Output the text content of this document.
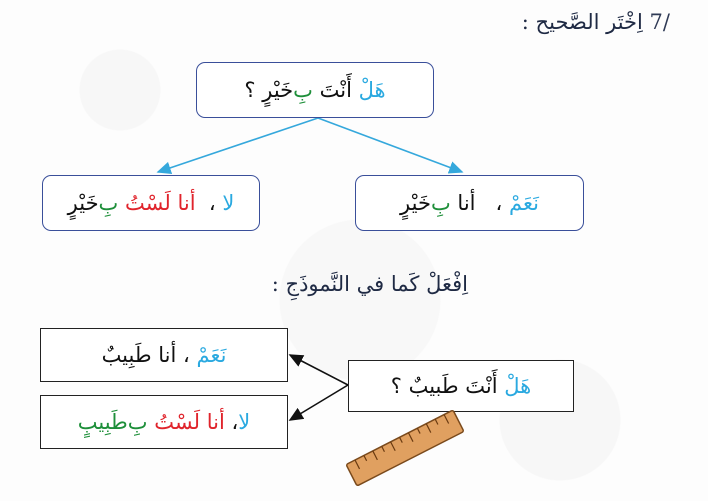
/7 اِخْتَر الصَّحيح :
هَلْ

أَنْتَ

بِ
خَيْرٍ

؟
لا

،

أنا

لَسْتُ

بِ
خَيْرٍ	نَعَمْ

،

أنا

بِ
خَيْرٍ
اِفْعَلْ كَما في النَّموذَجِ :
نَعَمْ

،

أنا

طَبِيبٌ
لا
،

أنا

لَسْتُ

بِ
طَبِيبٍ
هَلْ

أَنْتَ

طَبيبٌ

؟
